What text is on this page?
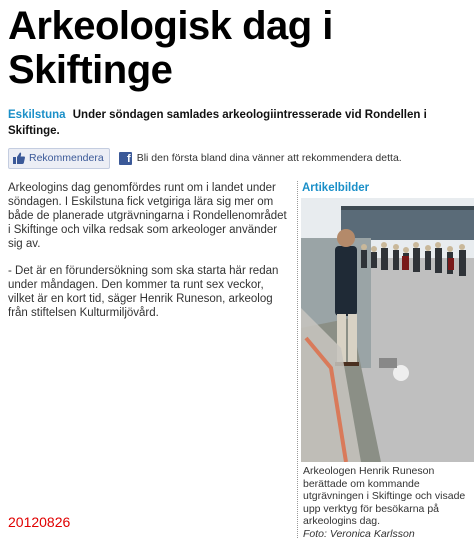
Arkeologisk dag i
Skiftinge
Eskilstuna Under söndagen samlades arkeologiintresserade vid Rondellen i Skiftinge.
Rekommendera	f Bli den första bland dina vänner att rekommendera detta.

Arkeologins dag genomfördes runt om i landet under söndagen. I Eskilstuna fick vetgiriga lära sig mer om både de planerade utgrävningarna i Rondellenområdet i Skiftinge och vilka redsak som arkeologer använder sig av.

- Det är en förundersökning som ska starta här redan under måndagen. Den kommer ta runt sex veckor, vilket är en kort tid, säger Henrik Runeson, arkeolog från stiftelsen Kulturmiljövård.

Artikelbilder
Arkeologen Henrik Runeson berättade om kommande utgrävningen i Skiftinge och visade upp verktyg för besökarna på arkeologins dag.
Foto: Veronica Karlsson
20120826
